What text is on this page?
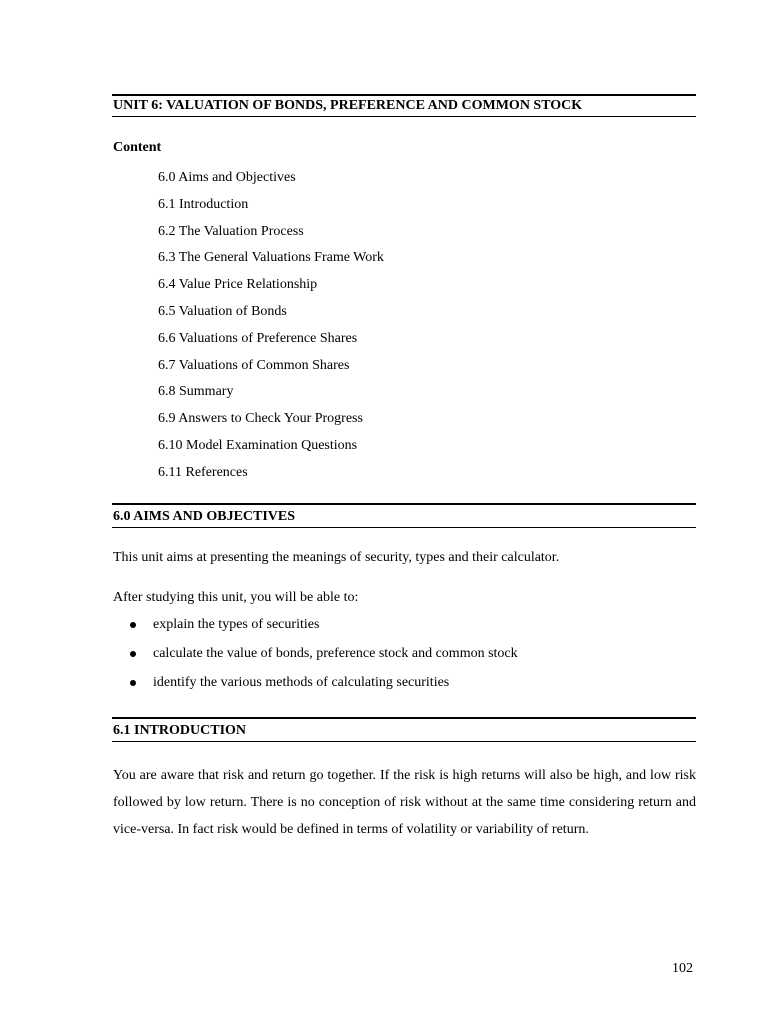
UNIT 6: VALUATION OF BONDS, PREFERENCE AND COMMON STOCK
Content
6.0 Aims and Objectives
6.1 Introduction
6.2 The Valuation Process
6.3 The General Valuations Frame Work
6.4 Value Price Relationship
6.5 Valuation of Bonds
6.6 Valuations of Preference Shares
6.7 Valuations of Common Shares
6.8 Summary
6.9 Answers to Check Your Progress
6.10 Model Examination Questions
6.11 References
6.0 AIMS AND OBJECTIVES
This unit aims at presenting the meanings of security, types and their calculator.
After studying this unit, you will be able to:
explain the types of securities
calculate the value of bonds, preference stock and common stock
identify the various methods of calculating securities
6.1 INTRODUCTION

You are aware that risk and return go together. If the risk is high returns will also be high, and low risk followed by low return. There is no conception of risk without at the same time considering return and vice-versa. In fact risk would be defined in terms of volatility or variability of return.

102
